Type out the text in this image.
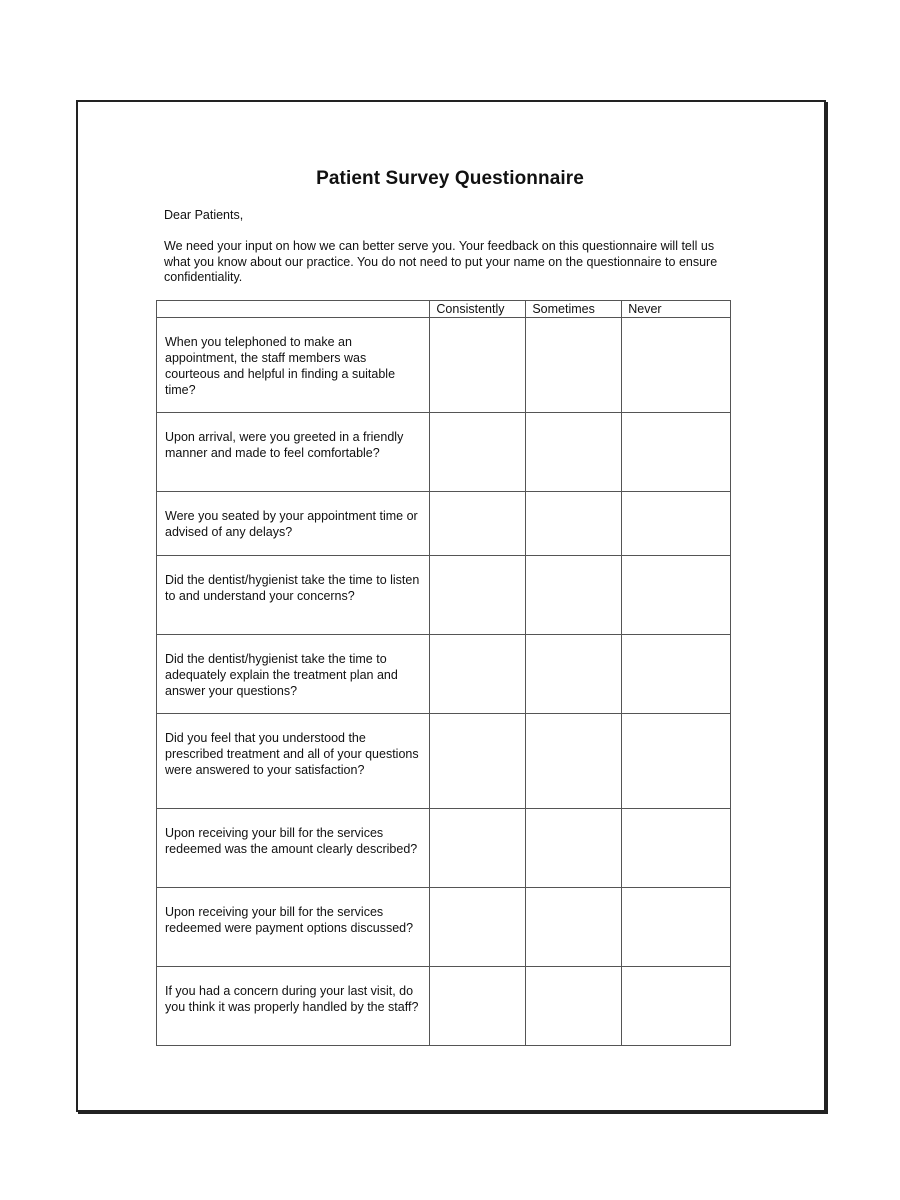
Patient Survey Questionnaire
Dear Patients,
We need your input on how we can better serve you. Your feedback on this questionnaire will tell us what you know about our practice. You do not need to put your name on the questionnaire to ensure confidentiality.
	Consistently	Sometimes	Never
When you telephoned to make an appointment, the staff members was courteous and helpful in finding a suitable time?			
Upon arrival, were you greeted in a friendly manner and made to feel comfortable?			
Were you seated by your appointment time or advised of any delays?			
Did the dentist/hygienist take the time to listen to and understand your concerns?			
Did the dentist/hygienist take the time to adequately explain the treatment plan and answer your questions?			
Did you feel that you understood the prescribed treatment and all of your questions were answered to your satisfaction?			
Upon receiving your bill for the services redeemed was the amount clearly described?			
Upon receiving your bill for the services redeemed were payment options discussed?			
If you had a concern during your last visit, do you think it was properly handled by the staff?			
